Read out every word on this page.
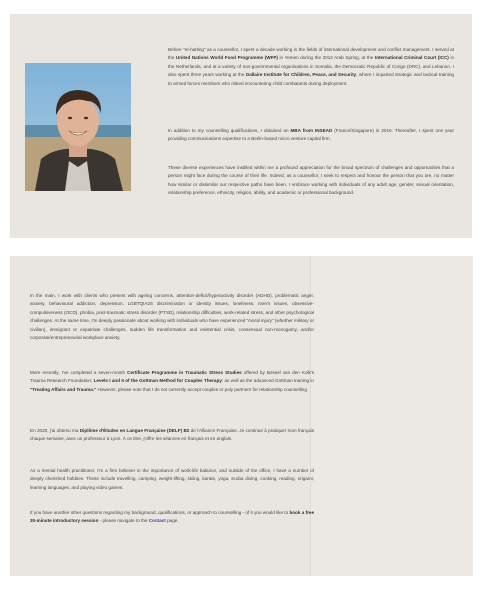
Before "re-hatting" as a counsellor, I spent a decade working in the fields of international development and conflict management. I served at the United Nations World Food Programme (WFP) in Yemen during the 2012 Arab Spring, at the International Criminal Court (ICC) in the Netherlands, and at a variety of non-governmental organisations in Somalia, the Democratic Republic of Congo (DRC), and Lebanon. I also spent three years working at the Dallaire Institute for Children, Peace, and Security, where I imparted strategic and tactical training to armed forces members who risked encountering child combatants during deployment.
In addition to my counselling qualifications, I obtained an MBA from INSEAD (France/Singapore) in 2016. Thereafter, I spent one year providing communications expertise to a Berlin-based micro venture capital firm.
These diverse experiences have instilled within me a profound appreciation for the broad spectrum of challenges and opportunities that a person might face during the course of their life. Indeed, as a counsellor, I seek to respect and honour the person that you are, no matter how similar or dissimilar our respective paths have been. I embrace working with individuals of any adult age, gender, sexual orientation, relationship preference, ethnicity, religion, ability, and academic or professional background.
In the main, I work with clients who present with ageing concerns, attention-deficit/hyperactivity disorder (ADHD), problematic anger, anxiety, behavioural addiction, depression, LGBTQIA2S discrimination or identity issues, loneliness, men's issues, obsessive-compulsiveness (OCD), phobia, post-traumatic stress disorder (PTSD), relationship difficulties, work-related stress, and other psychological challenges. At the same time, I'm deeply passionate about working with individuals who have experienced "moral injury" (whether military or civilian), immigrant or expatriate challenges, sudden life transformation and existential crisis, consensual non-monogamy, and/or corporate/entrepreneurial workplace anxiety.
More recently, I've completed a seven-month Certificate Programme in Traumatic Stress Studies offered by Bessel van den Kolk's Trauma Research Foundation; Levels I and II of the Gottman Method for Couples Therapy; as well as the advanced Gottman training in "Treating Affairs and Trauma." However, please note that I do not currently accept couples or poly partners for relationship counselling.
En 2020, j'ai obtenu ma Diplôme d'Études en Langue Française (DELF) B2 de l'Alliance Française. Je continue à pratiquer mon français chaque semaine, avec un professeur à Lyon. À ce titre, j'offre les séances en français et en anglais.
As a mental health practitioner, I'm a firm believer in the importance of work-life balance, and outside of the office, I have a number of deeply cherished hobbies. These include travelling, camping, weight-lifting, skiing, karate, yoga, scuba diving, cooking, reading, origami, learning languages, and playing video games.
If you have another other questions regarding my background, qualifications, or approach to counselling - of it you would like to book a free 30-minute introductory session - please navigate to the Contact page.
